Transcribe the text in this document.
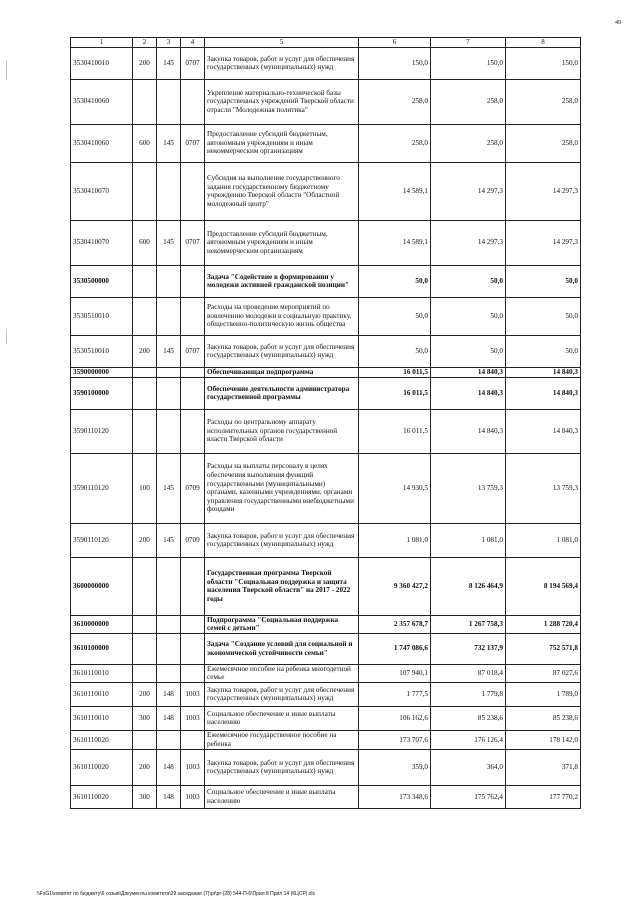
49
1	2	3	4	5	6	7	8
3530410010	200	145	0707	Закупка товаров, работ и услуг для обеспечения государственных (муниципальных) нужд	150,0	150,0	150,0
3530410060				Укрепление материально-технической базы государственных учреждений Тверской области отрасли "Молодежная политика"	258,0	258,0	258,0
3530410060	600	145	0707	Предоставление субсидий бюджетным, автономным учреждениям и иным некоммерческим организациям	258,0	258,0	258,0
3530410070				Субсидия на выполнение государственного задания государственному бюджетному учреждению Тверской области "Областной молодежный центр"	14 589,1	14 297,3	14 297,3
3530410070	600	145	0707	Предоставление субсидий бюджетным, автономным учреждениям и иным некоммерческим организациям	14 589,1	14 297,3	14 297,3
3530500000				Задача "Содействие в формировании у молодежи активной гражданской позиции"	50,0	50,0	50,0
3530510010				Расходы на проведение мероприятий по вовлечению молодежи в социальную практику, общественно-политическую жизнь общества	50,0	50,0	50,0
3530510010	200	145	0707	Закупка товаров, работ и услуг для обеспечения государственных (муниципальных) нужд	50,0	50,0	50,0
3590000000				Обеспечивающая подпрограмма	16 011,5	14 840,3	14 840,3
3590100000				Обеспечение деятельности администратора государственной программы	16 011,5	14 840,3	14 840,3
3590110120				Расходы по центральному аппарату исполнительных органов государственной власти Тверской области	16 011,5	14 840,3	14 840,3
3590110120	100	145	0709	Расходы на выплаты персоналу в целях обеспечения выполнения функций государственными (муниципальными) органами, казенными учреждениями, органами управления государственными внебюджетными фондами	14 930,5	13 759,3	13 759,3
3590110120	200	145	0709	Закупка товаров, работ и услуг для обеспечения государственных (муниципальных) нужд	1 081,0	1 081,0	1 081,0
3600000000				Государственная программа Тверской области "Социальная поддержка и защита населения Тверской области" на 2017 - 2022 годы	9 360 427,2	8 126 464,9	8 194 569,4
3610000000				Подпрограмма "Социальная поддержка семей с детьми"	2 357 678,7	1 267 758,3	1 288 720,4
3610100000				Задача "Создание условий для социальной и экономической устойчивости семьи"	1 747 086,6	732 137,9	752 571,8
3610110010				Ежемесячное пособие на ребенка многодетной семье	107 940,1	87 018,4	87 027,6
3610110010	200	148	1003	Закупка товаров, работ и услуг для обеспечения государственных (муниципальных) нужд	1 777,5	1 779,8	1 789,0
3610110010	300	148	1003	Социальное обеспечение и иные выплаты населению	106 162,6	85 238,6	85 238,6
3610110020				Ежемесячное государственное пособие на ребенка	173 707,6	176 126,4	178 142,0
3610110020	200	148	1003	Закупка товаров, работ и услуг для обеспечения государственных (муниципальных) нужд	359,0	364,0	371,8
3610110020	300	148	1003	Социальное обеспечение и иные выплаты населению	173 348,6	175 762,4	177 770,2
\\FsG1\комитет по бюджету\6 созыв\Документы комитета\29 заседание (7)\pr\pr-(28) 544-П-6\Прил 8 Прил 14 (КЦСР).xls
